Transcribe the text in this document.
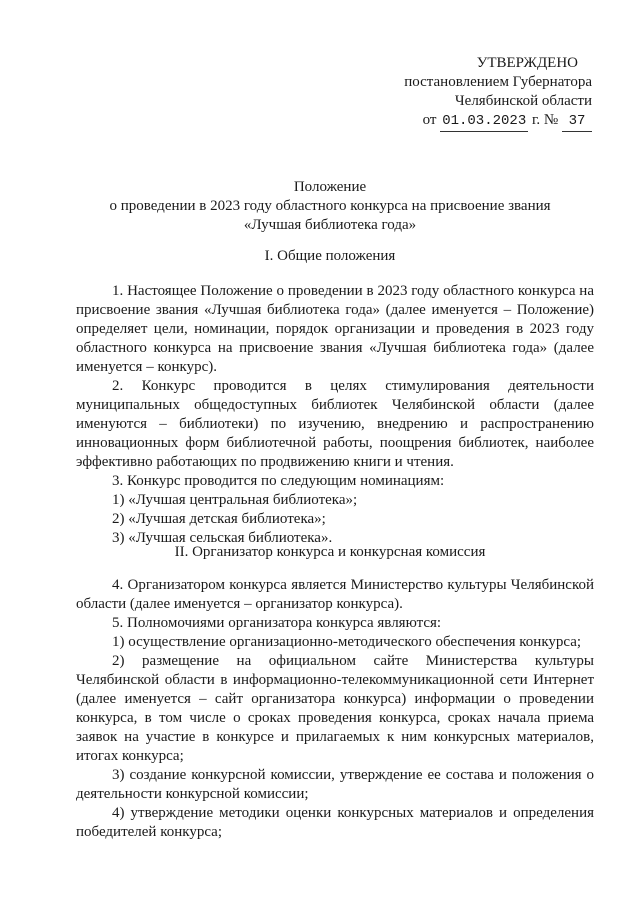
УТВЕРЖДЕНО
постановлением Губернатора
Челябинской области
от 01.03.2023 г. № 37
Положение
о проведении в 2023 году областного конкурса на присвоение звания
«Лучшая библиотека года»
I. Общие положения

1. Настоящее Положение о проведении в 2023 году областного конкурса на присвоение звания «Лучшая библиотека года» (далее именуется – Положение) определяет цели, номинации, порядок организации и проведения в 2023 году областного конкурса на присвоение звания «Лучшая библиотека года» (далее именуется – конкурс).

2. Конкурс проводится в целях стимулирования деятельности муниципальных общедоступных библиотек Челябинской области (далее именуются – библиотеки) по изучению, внедрению и распространению инновационных форм библиотечной работы, поощрения библиотек, наиболее эффективно работающих по продвижению книги и чтения.

3. Конкурс проводится по следующим номинациям:

1) «Лучшая центральная библиотека»;

2) «Лучшая детская библиотека»;

3) «Лучшая сельская библиотека».

II. Организатор конкурса и конкурсная комиссия

4. Организатором конкурса является Министерство культуры Челябинской области (далее именуется – организатор конкурса).

5. Полномочиями организатора конкурса являются:

1) осуществление организационно-методического обеспечения конкурса;

2) размещение на официальном сайте Министерства культуры Челябинской области в информационно-телекоммуникационной сети Интернет (далее именуется – сайт организатора конкурса) информации о проведении конкурса, в том числе о сроках проведения конкурса, сроках начала приема заявок на участие в конкурсе и прилагаемых к ним конкурсных материалов, итогах конкурса;

3) создание конкурсной комиссии, утверждение ее состава и положения о деятельности конкурсной комиссии;

4) утверждение методики оценки конкурсных материалов и определения победителей конкурса;
